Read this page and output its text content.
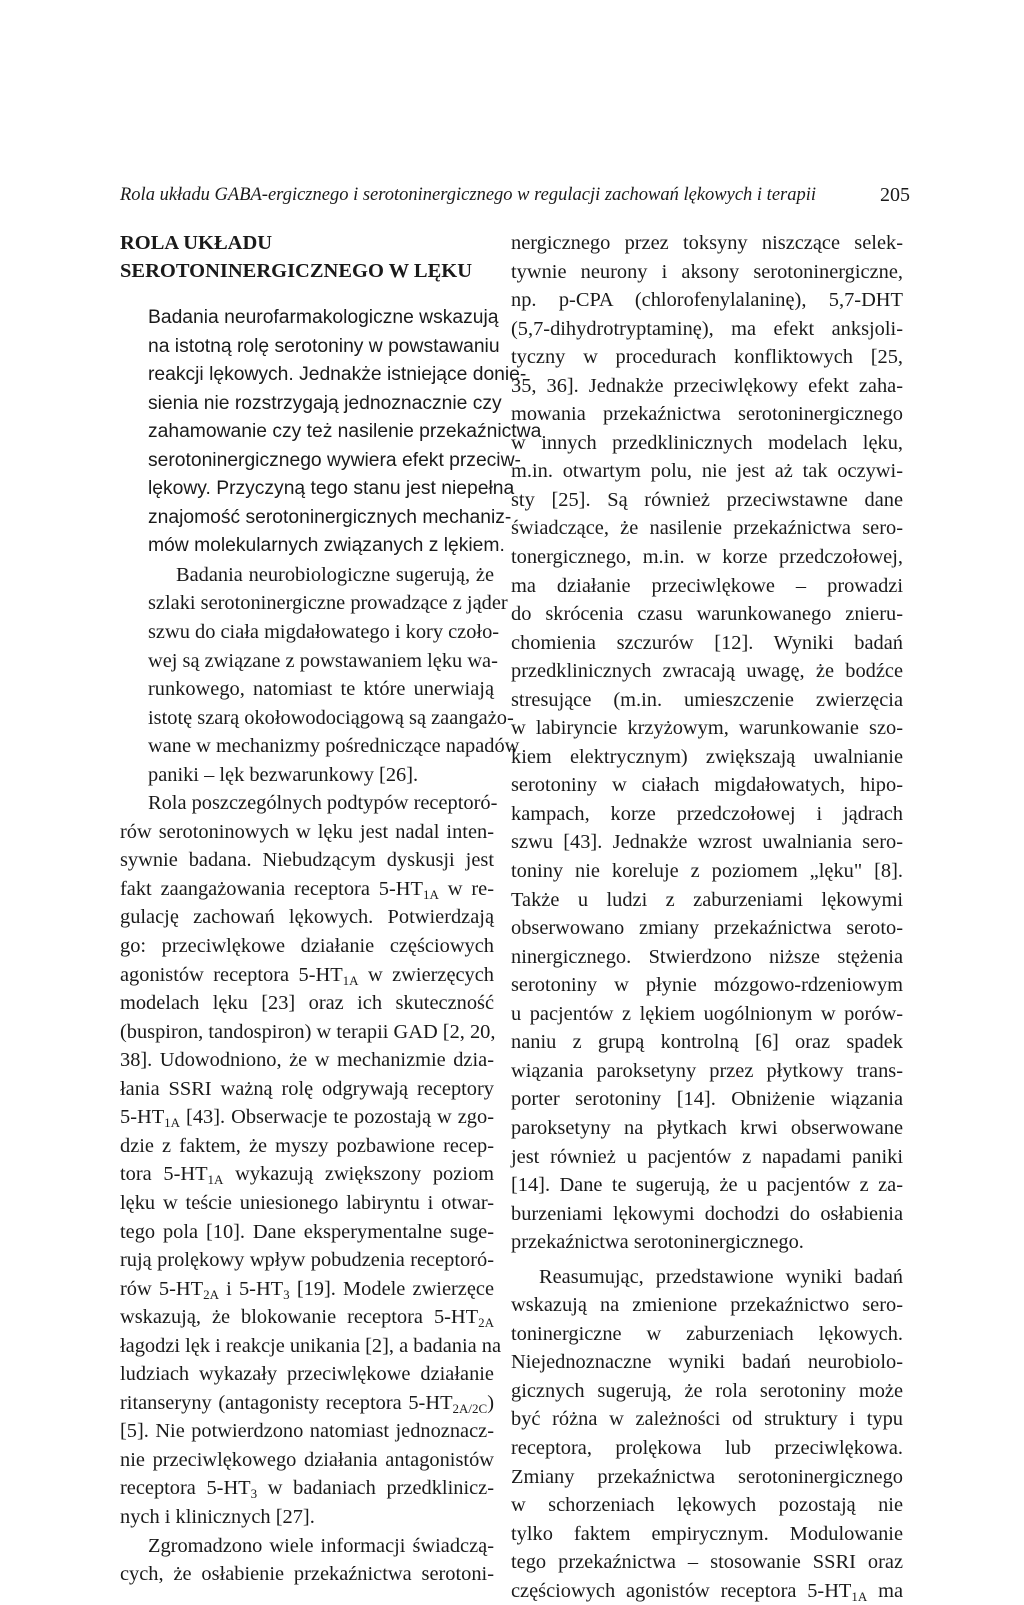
Rola układu GABA-ergicznego i serotoninergicznego w regulacji zachowań lękowych i terapii	205
ROLA UKŁADU
SEROTONINERGICZNEGO W LĘKU

Badania neurofarmakologiczne wskazują
na istotną rolę serotoniny w powstawaniu
reakcji lękowych. Jednakże istniejące donie-
sienia nie rozstrzygają jednoznacznie czy
zahamowanie czy też nasilenie przekaźnictwa
serotoninergicznego wywiera efekt przeciw-
lękowy. Przyczyną tego stanu jest niepełna
znajomość serotoninergicznych mechaniz-
mów molekularnych związanych z lękiem.

Badania neurobiologiczne sugerują, że
szlaki serotoninergiczne prowadzące z jąder
szwu do ciała migdałowatego i kory czoło-
wej są związane z powstawaniem lęku wa-
runkowego, natomiast te które unerwiają
istotę szarą okołowodociągową są zaangażo-
wane w mechanizmy pośredniczące napadów
paniki – lęk bezwarunkowy [26].

Rola poszczególnych podtypów receptoró-
rów serotoninowych w lęku jest nadal inten-
sywnie badana. Niebudzącym dyskusji jest
fakt zaangażowania receptora $5-HT_{1A}$ w re-
gulację zachowań lękowych. Potwierdzają
go: przeciwlękowe działanie częściowych
agonistów receptora $5-HT_{1A}$ w zwierzęcych
modelach lęku [23] oraz ich skuteczność
(buspiron, tandospiron) w terapii GAD [2, 20,
38]. Udowodniono, że w mechanizmie dzia-
łania SSRI ważną rolę odgrywają receptory
$5-HT_{1A}$ [43]. Obserwacje te pozostają w zgo-
dzie z faktem, że myszy pozbawione recep-
tora $5-HT_{1A}$ wykazują zwiększony poziom
lęku w teście uniesionego labiryntu i otwar-
tego pola [10]. Dane eksperymentalne suge-
rują prolękowy wpływ pobudzenia receptoró-
rów $5-HT_{2A}$ i $5-HT_3$ [19]. Modele zwierzęce
wskazują, że blokowanie receptora $5-HT_{2A}$
łagodzi lęk i reakcje unikania [2], a badania na
ludziach wykazały przeciwlękowe działanie
ritanseryny (antagonisty receptora $5-HT_{2A/2C}$)
[5]. Nie potwierdzono natomiast jednoznacz-
nie przeciwlękowego działania antagonistów
receptora $5-HT_3$ w badaniach przedklinicz-
nych i klinicznych [27].

Zgromadzono wiele informacji świadczą-
cych, że osłabienie przekaźnictwa serotoni-

nergicznego przez toksyny niszczące selek-
tywnie neurony i aksony serotoninergiczne,
np. p-CPA (chlorofenylalaninę), 5,7-DHT
(5,7-dihydrotryptaminę), ma efekt anksjoli-
tyczny w procedurach konfliktowych [25,
35, 36]. Jednakże przeciwlękowy efekt zaha-
mowania przekaźnictwa serotoninergicznego
w innych przedklinicznych modelach lęku,
m.in. otwartym polu, nie jest aż tak oczywi-
sty [25]. Są również przeciwstawne dane
świadczące, że nasilenie przekaźnictwa sero-
tonergicznego, m.in. w korze przedczołowej,
ma działanie przeciwlękowe – prowadzi
do skrócenia czasu warunkowanego znieru-
chomienia szczurów [12]. Wyniki badań
przedklinicznych zwracają uwagę, że bodźce
stresujące (m.in. umieszczenie zwierzęcia
w labiryncie krzyżowym, warunkowanie szo-
kiem elektrycznym) zwiększają uwalnianie
serotoniny w ciałach migdałowatych, hipo-
kampach, korze przedczołowej i jądrach
szwu [43]. Jednakże wzrost uwalniania sero-
toniny nie koreluje z poziomem „lęku" [8].
Także u ludzi z zaburzeniami lękowymi
obserwowano zmiany przekaźnictwa seroto-
ninergicznego. Stwierdzono niższe stężenia
serotoniny w płynie mózgowo-rdzeniowym
u pacjentów z lękiem uogólnionym w porów-
naniu z grupą kontrolną [6] oraz spadek
wiązania paroksetyny przez płytkowy trans-
porter serotoniny [14]. Obniżenie wiązania
paroksetyny na płytkach krwi obserwowane
jest również u pacjentów z napadami paniki
[14]. Dane te sugerują, że u pacjentów z za-
burzeniami lękowymi dochodzi do osłabienia
przekaźnictwa serotoninergicznego.

Reasumując, przedstawione wyniki badań
wskazują na zmienione przekaźnictwo sero-
toninergiczne w zaburzeniach lękowych.
Niejednoznaczne wyniki badań neurobiolo-
gicznych sugerują, że rola serotoniny może
być różna w zależności od struktury i typu
receptora, prolękowa lub przeciwlękowa.
Zmiany przekaźnictwa serotoninergicznego
w schorzeniach lękowych pozostają nie
tylko faktem empirycznym. Modulowanie
tego przekaźnictwa – stosowanie SSRI oraz
częściowych agonistów receptora $5-HT_{1A}$ ma
